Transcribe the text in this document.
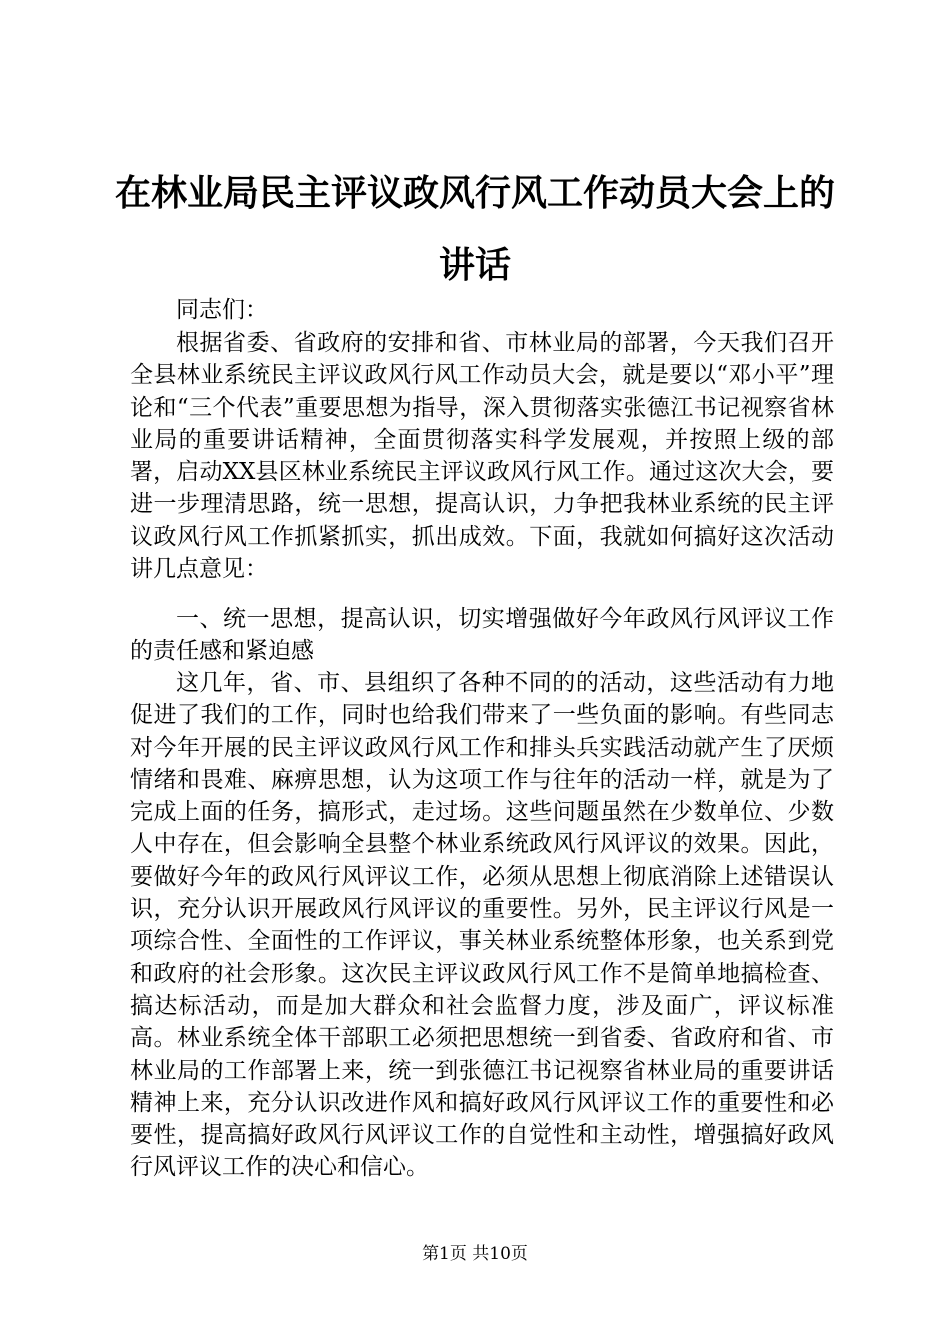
在林业局民主评议政风行风工作动员大会上的讲话

同志们：

根据省委、省政府的安排和省、市林业局的部署，今天我们召开全县林业系统民主评议政风行风工作动员大会，就是要以“邓小平”理论和“三个代表”重要思想为指导，深入贯彻落实张德江书记视察省林业局的重要讲话精神，全面贯彻落实科学发展观，并按照上级的部署，启动XX县区林业系统民主评议政风行风工作。通过这次大会，要进一步理清思路，统一思想，提高认识，力争把我林业系统的民主评议政风行风工作抓紧抓实，抓出成效。下面，我就如何搞好这次活动讲几点意见：

一、统一思想，提高认识，切实增强做好今年政风行风评议工作的责任感和紧迫感

这几年，省、市、县组织了各种不同的的活动，这些活动有力地促进了我们的工作，同时也给我们带来了一些负面的影响。有些同志对今年开展的民主评议政风行风工作和排头兵实践活动就产生了厌烦情绪和畏难、麻痹思想，认为这项工作与往年的活动一样，就是为了完成上面的任务，搞形式，走过场。这些问题虽然在少数单位、少数人中存在，但会影响全县整个林业系统政风行风评议的效果。因此，要做好今年的政风行风评议工作，必须从思想上彻底消除上述错误认识，充分认识开展政风行风评议的重要性。另外，民主评议行风是一项综合性、全面性的工作评议，事关林业系统整体形象，也关系到党和政府的社会形象。这次民主评议政风行风工作不是简单地搞检查、搞达标活动，而是加大群众和社会监督力度，涉及面广，评议标准高。林业系统全体干部职工必须把思想统一到省委、省政府和省、市林业局的工作部署上来，统一到张德江书记视察省林业局的重要讲话精神上来，充分认识改进作风和搞好政风行风评议工作的重要性和必要性，提高搞好政风行风评议工作的自觉性和主动性，增强搞好政风行风评议工作的决心和信心。

第1页 共10页
